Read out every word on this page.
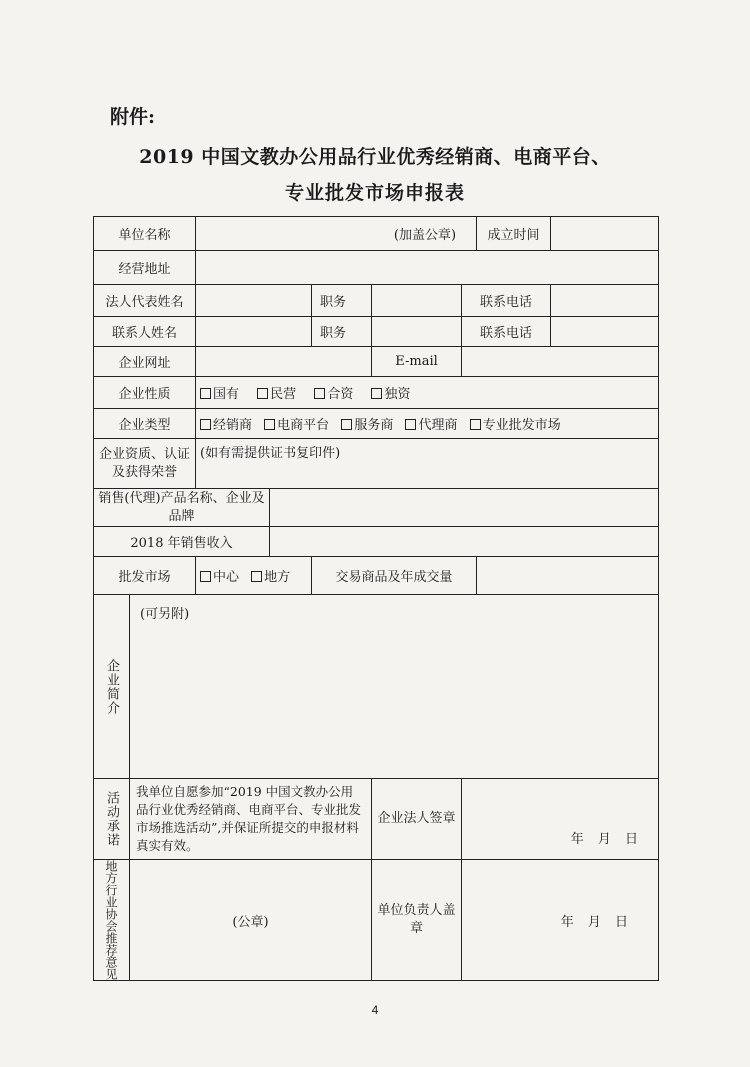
附件:
2019 中国文教办公用品行业优秀经销商、电商平台、
专业批发市场申报表
单位名称		(加盖公章)					成立时间	
经营地址								
法人代表姓名				职务		联系电话		
联系人姓名				职务		联系电话		
企业网址					E-mail			
企业性质		国有 民营 合资 独资						
企业类型		经销商 电商平台 服务商 代理商 专业批发市场						
企业资质、认证及获得荣誉		(如有需提供证书复印件)						
销售(代理)产品名称、企业及品牌								
2018 年销售收入								
批发市场		中心 地方		交易商品及年成交量				

企业简介	(可另附)							

活动承诺	我单位自愿参加“2019 中国文教办公用品行业优秀经销商、电商平台、专业批发市场推选活动”,并保证所提交的申报材料真实有效。				企业法人签章	年 月 日		

地方行业协会推荐意见	(公章)				单位负责人盖章	年 月 日		
4
